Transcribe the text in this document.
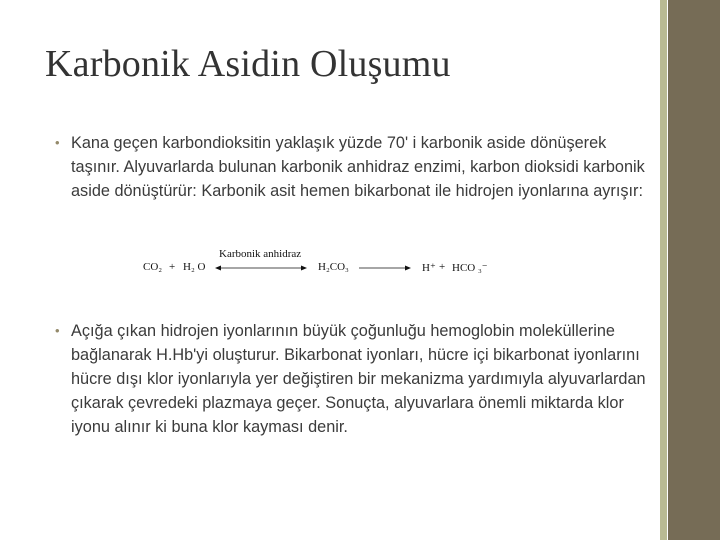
Karbonik Asidin Oluşumu
• Kana geçen karbondioksitin yaklaşık yüzde 70' i karbonik aside dönüşerek taşınır. Alyuvarlarda bulunan karbonik anhidraz enzimi, karbon dioksidi karbonik aside dönüştürür: Karbonik asit hemen bikarbonat ile hidrojen iyonlarına ayrışır:
Karbonik anhidraz
CO₂ + H₂ O	H₂CO₃	H⁺ + HCO ₃⁻
• Açığa çıkan hidrojen iyonlarının büyük çoğunluğu hemoglobin moleküllerine bağlanarak H.Hb'yi oluşturur. Bikarbonat iyonları, hücre içi bikarbonat iyonlarını hücre dışı klor iyonlarıyla yer değiştiren bir mekanizma yardımıyla alyuvarlardan çıkarak çevredeki plazmaya geçer. Sonuçta, alyuvarlara önemli miktarda klor iyonu alınır ki buna klor kayması denir.
